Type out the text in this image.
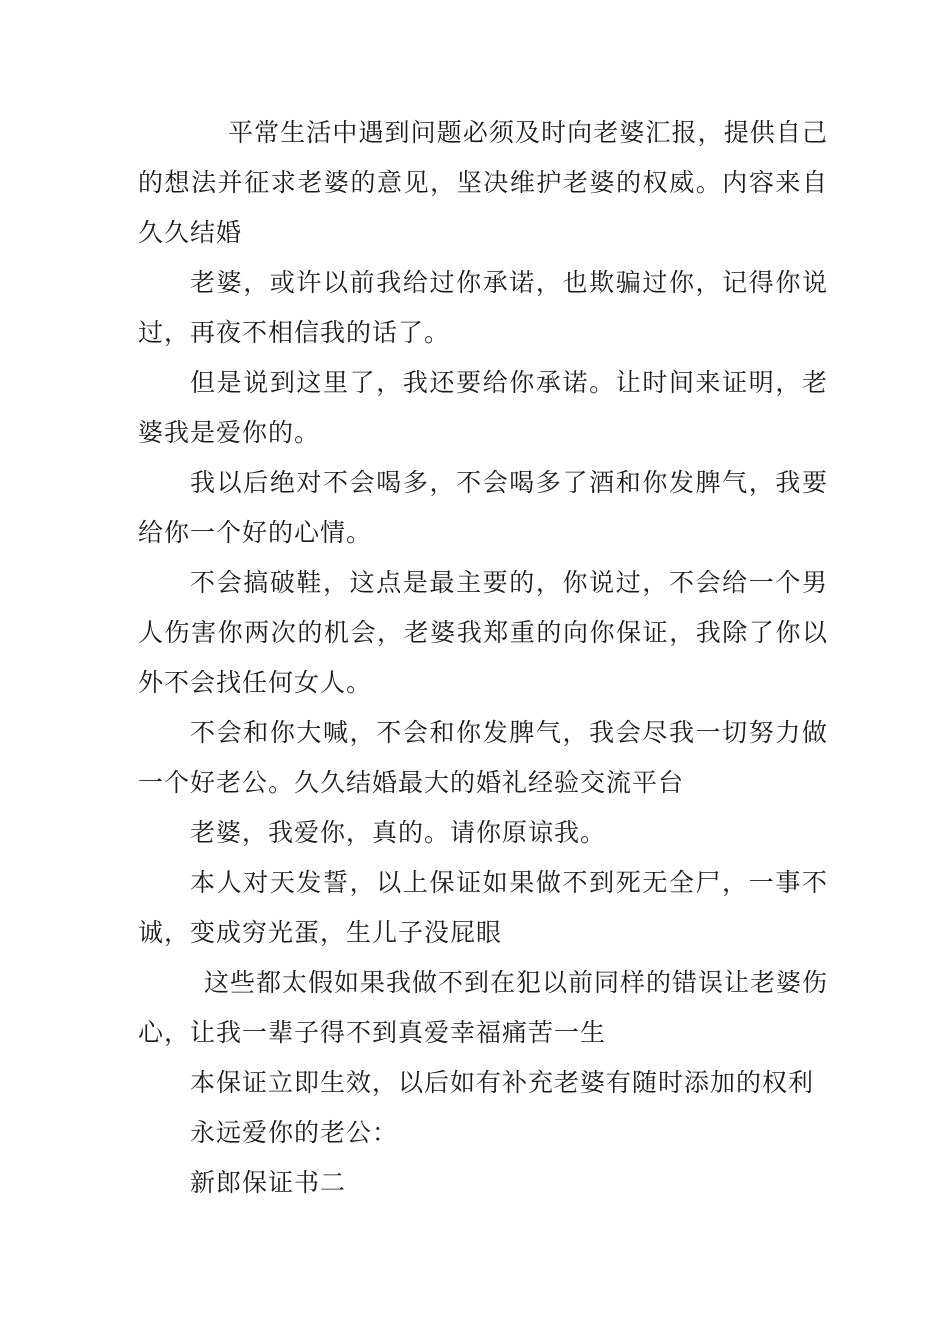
平常生活中遇到问题必须及时向老婆汇报，提供自己的想法并征求老婆的意见，坚决维护老婆的权威。内容来自久久结婚

老婆，或许以前我给过你承诺，也欺骗过你，记得你说过，再夜不相信我的话了。

但是说到这里了，我还要给你承诺。让时间来证明，老婆我是爱你的。

我以后绝对不会喝多，不会喝多了酒和你发脾气，我要给你一个好的心情。

不会搞破鞋，这点是最主要的，你说过，不会给一个男人伤害你两次的机会，老婆我郑重的向你保证，我除了你以外不会找任何女人。

不会和你大喊，不会和你发脾气，我会尽我一切努力做一个好老公。久久结婚最大的婚礼经验交流平台

老婆，我爱你，真的。请你原谅我。

本人对天发誓，以上保证如果做不到死无全尸，一事不诚，变成穷光蛋，生儿子没屁眼

这些都太假如果我做不到在犯以前同样的错误让老婆伤心，让我一辈子得不到真爱幸福痛苦一生

本保证立即生效，以后如有补充老婆有随时添加的权利

永远爱你的老公：

新郎保证书二
